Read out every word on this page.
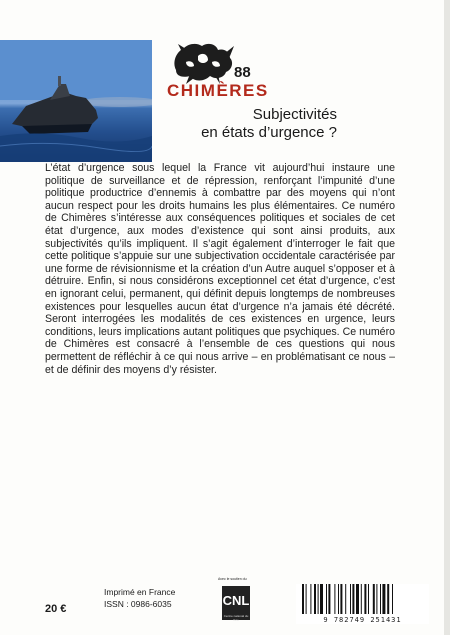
88
CHIMÈRES
Subjectivités
en états d’urgence ?
L’état d’urgence sous lequel la France vit aujourd’hui instaure une politique de surveillance et de répression, renforçant l’impunité d’une politique productrice d’ennemis à combattre par des moyens qui n’ont aucun respect pour les droits humains les plus élémentaires. Ce numéro de Chimères s’intéresse aux conséquences politiques et sociales de cet état d’urgence, aux modes d’existence qui sont ainsi produits, aux subjectivités qu’ils impliquent. Il s’agit également d’interroger le fait que cette politique s’appuie sur une subjectivation occidentale caractérisée par une forme de révisionnisme et la création d’un Autre auquel s’opposer et à détruire. Enfin, si nous considérons exceptionnel cet état d’urgence, c’est en ignorant celui, permanent, qui définit depuis longtemps de nombreuses existences pour lesquelles aucun état d’urgence n’a jamais été décrété. Seront interrogées les modalités de ces existences en urgence, leurs conditions, leurs implications autant politiques que psychiques. Ce numéro de Chimères est consacré à l’ensemble de ces questions qui nous permettent de réfléchir à ce qui nous arrive – en problématisant ce nous – et de définir des moyens d’y résister.
20 €
Imprimé en France
ISSN : 0986-6035
Avec le soutien du
CNL
Centre national du livre	9 782749 251431
